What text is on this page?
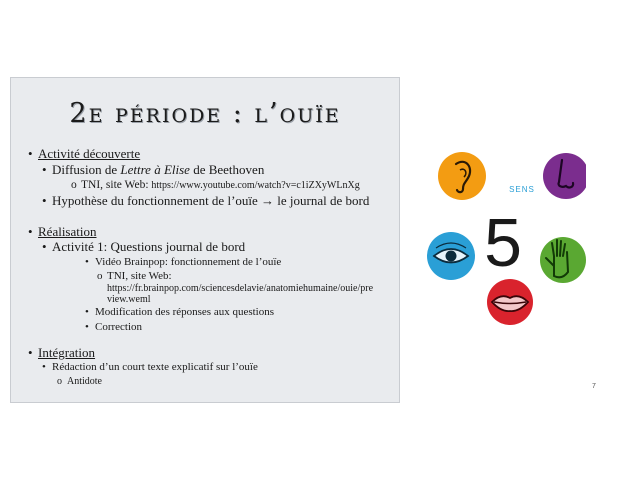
2e période : l’ouïe
• Activité découverte
• Diffusion de Lettre à Elise de Beethoven
o TNI, site Web: https://www.youtube.com/watch?v=c1iZXyWLnXg
• Hypothèse du fonctionnement de l’ouïe → le journal de bord
• Réalisation
• Activité 1: Questions journal de bord
• Vidéo Brainpop: fonctionnement de l’ouïe
o TNI, site Web:
https://fr.brainpop.com/sciencesdelavie/anatomiehumaine/ouie/pre
view.weml
• Modification des réponses aux questions
• Correction
• Intégration
• Rédaction d’un court texte explicatif sur l’ouïe
o Antidote
5
SENS
7
